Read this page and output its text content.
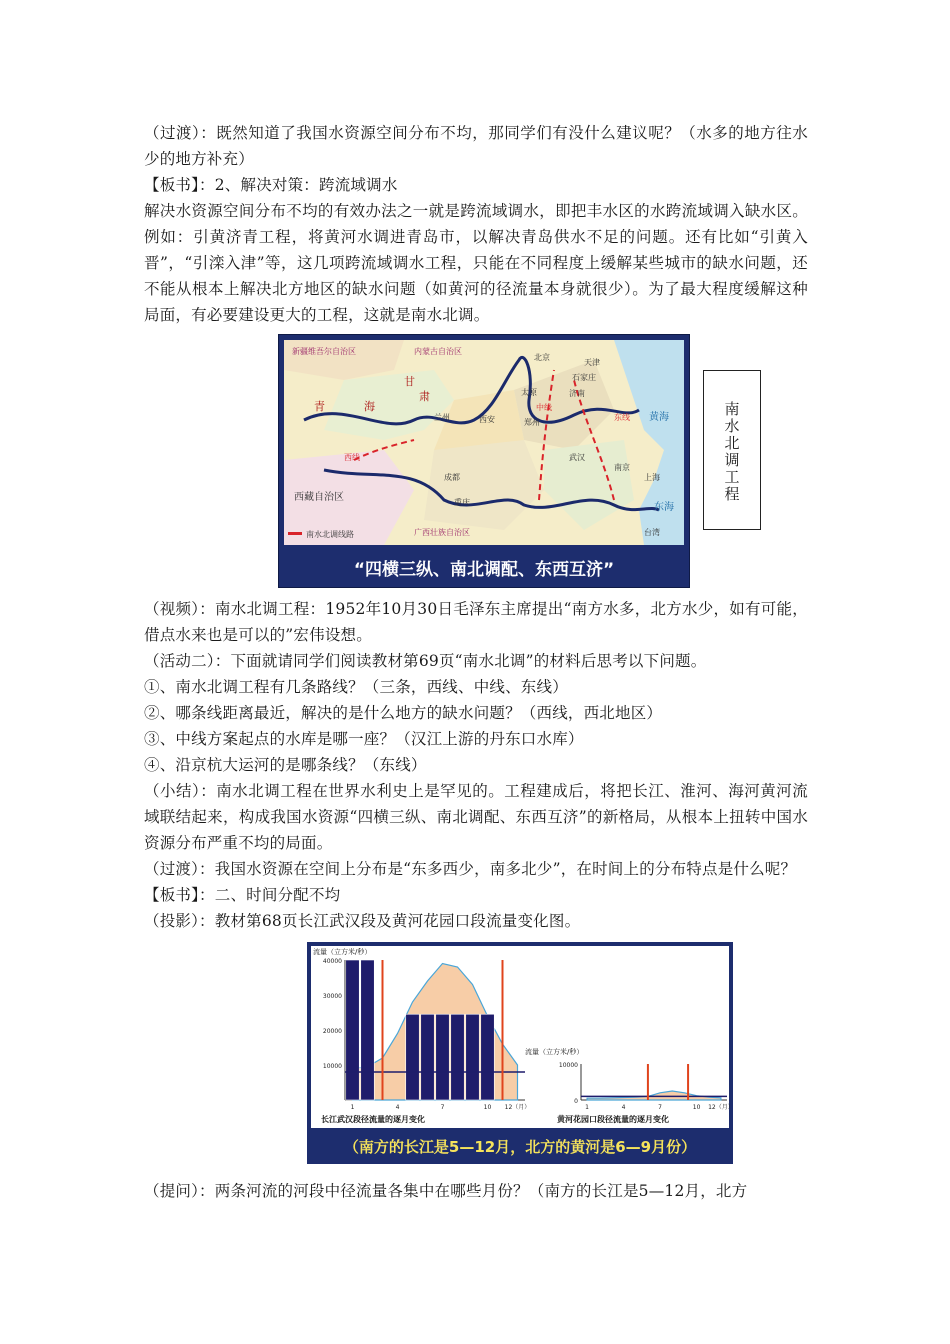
（过渡）：既然知道了我国水资源空间分布不均，那同学们有没什么建议呢？（水多的地方往水少的地方补充）

【板书】：2、解决对策：跨流域调水

解决水资源空间分布不均的有效办法之一就是跨流域调水，即把丰水区的水跨流域调入缺水区。例如：引黄济青工程，将黄河水调进青岛市，以解决青岛供水不足的问题。还有比如“引黄入晋”，“引滦入津”等，这几项跨流域调水工程，只能在不同程度上缓解某些城市的缺水问题，还不能从根本上解决北方地区的缺水问题（如黄河的径流量本身就很少）。为了最大程度缓解这种局面，有必要建设更大的工程，这就是南水北调。

南水北调线路
新疆维吾尔自治区	内蒙古自治区
青	海
甘
肃
兰州	西安
太原
北京
天津
石家庄
济南
郑州
成都
重庆
武汉
南京
上海
西藏自治区
西线
中线
东线
广西壮族自治区	台湾
黄海
东海
“四横三纵、南北调配、东西互济”
南水北调工程

（视频）：南水北调工程：1952年10月30日毛泽东主席提出“南方水多，北方水少，如有可能，借点水来也是可以的”宏伟设想。

（活动二）：下面就请同学们阅读教材第69页“南水北调”的材料后思考以下问题。

①、南水北调工程有几条路线？（三条，西线、中线、东线）

②、哪条线距离最近，解决的是什么地方的缺水问题？（西线，西北地区）

③、中线方案起点的水库是哪一座？（汉江上游的丹东口水库）

④、沿京杭大运河的是哪条线？（东线）

（小结）：南水北调工程在世界水利史上是罕见的。工程建成后，将把长江、淮河、海河黄河流域联结起来，构成我国水资源“四横三纵、南北调配、东西互济”的新格局，从根本上扭转中国水资源分布严重不均的局面。

（过渡）：我国水资源在空间上分布是“东多西少，南多北少”，在时间上的分布特点是什么呢？

【板书】：二、时间分配不均

（投影）：教材第68页长江武汉段及黄河花园口段流量变化图。

流量（立方米/秒）
流量（立方米/秒）
长江武汉段径流量的逐月变化	黄河花园口段径流量的逐月变化
40000
30000
20000
10000
1	4	7	10 12（月）
10000
0
1	4	7	10 12（月）
（南方的长江是5—12月，北方的黄河是6—9月份）

（提问）：两条河流的河段中径流量各集中在哪些月份？（南方的长江是5—12月，北方
